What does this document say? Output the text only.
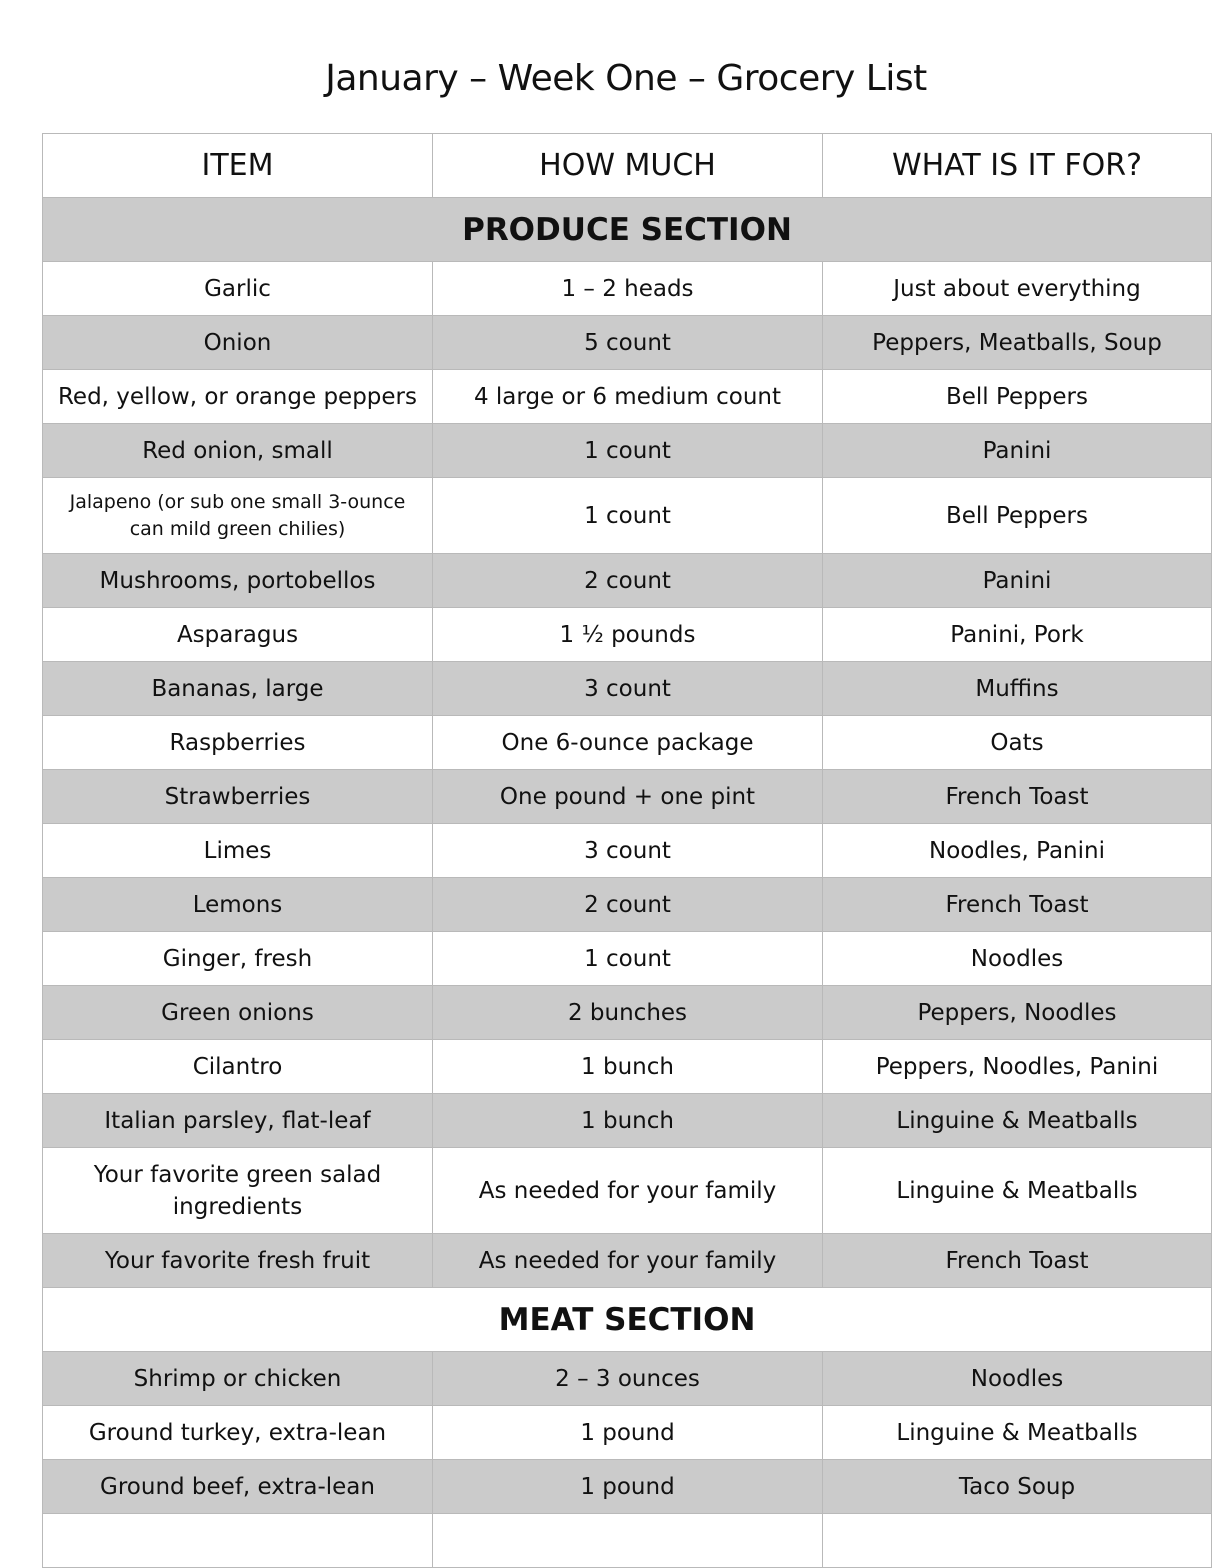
January – Week One – Grocery List
ITEM	HOW MUCH	WHAT IS IT FOR?
PRODUCE SECTION		
Garlic	1 – 2 heads	Just about everything
Onion	5 count	Peppers, Meatballs, Soup
Red, yellow, or orange peppers	4 large or 6 medium count	Bell Peppers
Red onion, small	1 count	Panini
Jalapeno (or sub one small 3-ounce can mild green chilies)	1 count	Bell Peppers
Mushrooms, portobellos	2 count	Panini
Asparagus	1 ½ pounds	Panini, Pork
Bananas, large	3 count	Muffins
Raspberries	One 6-ounce package	Oats
Strawberries	One pound + one pint	French Toast
Limes	3 count	Noodles, Panini
Lemons	2 count	French Toast
Ginger, fresh	1 count	Noodles
Green onions	2 bunches	Peppers, Noodles
Cilantro	1 bunch	Peppers, Noodles, Panini
Italian parsley, flat-leaf	1 bunch	Linguine & Meatballs
Your favorite green salad ingredients	As needed for your family	Linguine & Meatballs
Your favorite fresh fruit	As needed for your family	French Toast
MEAT SECTION		
Shrimp or chicken	2 – 3 ounces	Noodles
Ground turkey, extra-lean	1 pound	Linguine & Meatballs
Ground beef, extra-lean	1 pound	Taco Soup
